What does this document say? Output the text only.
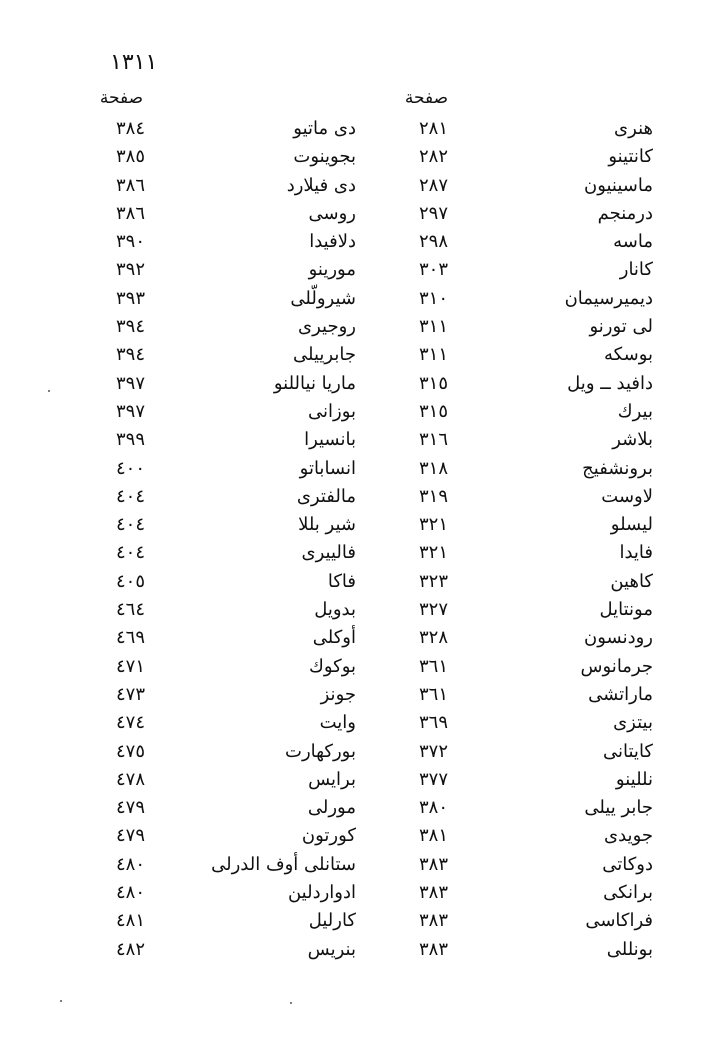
١٣١١
صفحة
صفحة
هنری
٢٨١
دی ماتیو
٣٨٤
کانتینو
٢٨٢
بجوینوت
٣٨٥
ماسینیون
٢٨٧
دی فیلارد
٣٨٦
درمنجم
٢٩٧
روسی
٣٨٦
ماسه
٢٩٨
دلافیدا
٣٩٠
کانار
٣٠٣
مورینو
٣٩٢
دیمیرسیمان
٣١٠
شیرولّلی
٣٩٣
لی تورنو
٣١١
روجیری
٣٩٤
بوسکه
٣١١
جابرییلی
٣٩٤
دافید ــ ویل
٣١٥
ماریا نیاللنو
٣٩٧
بیرك
٣١٥
بوزانی
٣٩٧
بلاشر
٣١٦
بانسیرا
٣٩٩
برونشفیج
٣١٨
انساباتو
٤٠٠
لاوست
٣١٩
مالفتری
٤٠٤
لیسلو
٣٢١
شیر بللا
٤٠٤
فایدا
٣٢١
فالییری
٤٠٤
کاهین
٣٢٣
فاکا
٤٠٥
مونتایل
٣٢٧
بدویل
٤٦٤
رودنسون
٣٢٨
أوکلی
٤٦٩
جرمانوس
٣٦١
بوکوك
٤٧١
ماراتشی
٣٦١
جونز
٤٧٣
بیتزی
٣٦٩
وایت
٤٧٤
کایتانی
٣٧٢
بورکهارت
٤٧٥
نللینو
٣٧٧
برایس
٤٧٨
جابر ییلی
٣٨٠
مورلی
٤٧٩
جویدی
٣٨١
کورتون
٤٧٩
دوکاتی
٣٨٣
ستانلی أوف الدرلی
٤٨٠
برانکی
٣٨٣
ادواردلین
٤٨٠
فراکاسی
٣٨٣
کارلیل
٤٨١
بونللی
٣٨٣
بنریس
٤٨٢
